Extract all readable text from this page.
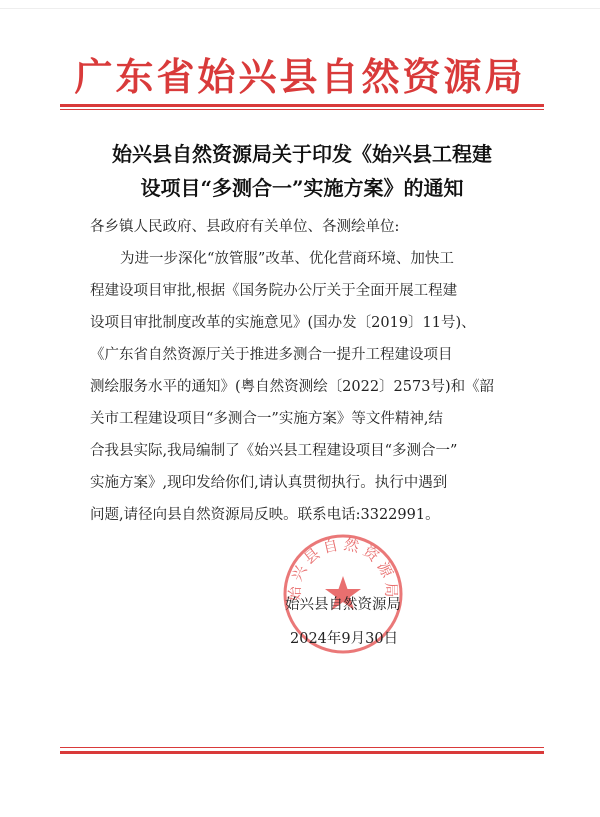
广东省始兴县自然资源局
始兴县自然资源局关于印发《始兴县工程建
设项目“多测合一”实施方案》的通知
各乡镇人民政府、县政府有关单位、各测绘单位:
为进一步深化“放管服”改革、优化营商环境、加快工
程建设项目审批,根据《国务院办公厅关于全面开展工程建
设项目审批制度改革的实施意见》(国办发〔2019〕11号)、
《广东省自然资源厅关于推进多测合一提升工程建设项目
测绘服务水平的通知》(粤自然资测绘〔2022〕2573号)和《韶
关市工程建设项目“多测合一”实施方案》等文件精神,结
合我县实际,我局编制了《始兴县工程建设项目“多测合一”
实施方案》,现印发给你们,请认真贯彻执行。执行中遇到
问题,请径向县自然资源局反映。联系电话:3322991。
始兴县自然资源局
始兴县自然资源局
2024年9月30日
